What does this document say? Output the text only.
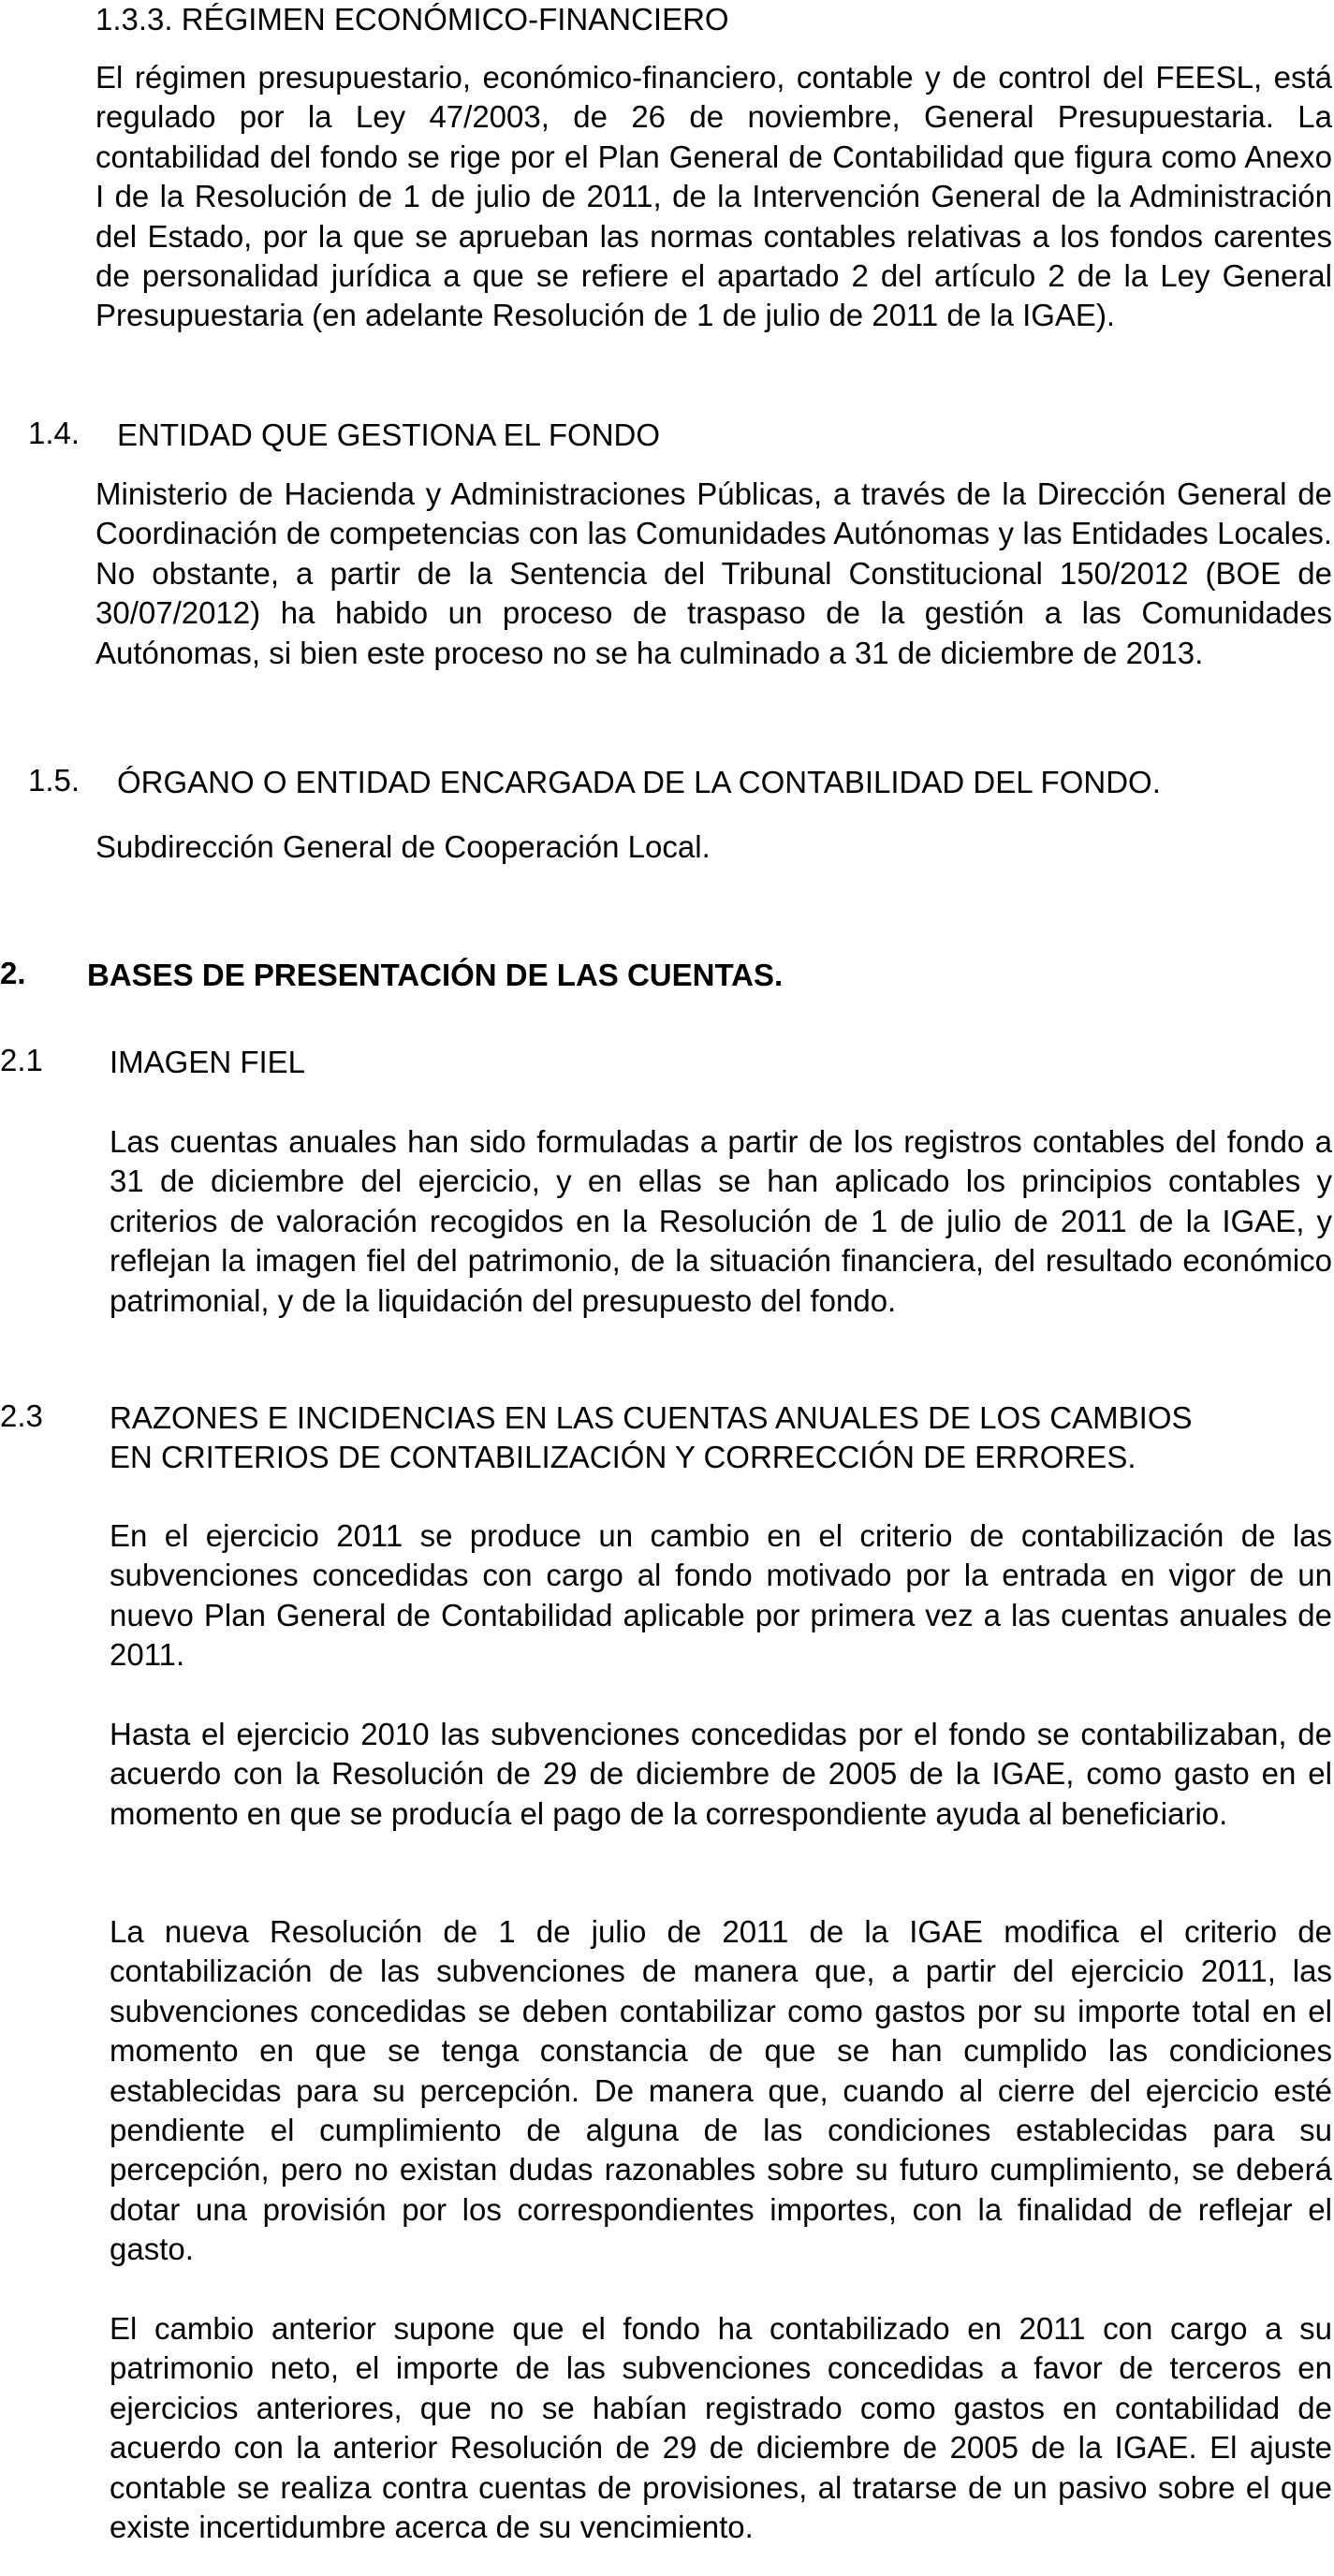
1.3.3. RÉGIMEN ECONÓMICO-FINANCIERO

El régimen presupuestario, económico-financiero, contable y de control del FEESL, está regulado por la Ley 47/2003, de 26 de noviembre, General Presupuestaria. La contabilidad del fondo se rige por el Plan General de Contabilidad que figura como Anexo I de la Resolución de 1 de julio de 2011, de la Intervención General de la Administración del Estado, por la que se aprueban las normas contables relativas a los fondos carentes de personalidad jurídica a que se refiere el apartado 2 del artículo 2 de la Ley General Presupuestaria (en adelante Resolución de 1 de julio de 2011 de la IGAE).

1.4. ENTIDAD QUE GESTIONA EL FONDO

Ministerio de Hacienda y Administraciones Públicas, a través de la Dirección General de Coordinación de competencias con las Comunidades Autónomas y las Entidades Locales. No obstante, a partir de la Sentencia del Tribunal Constitucional 150/2012 (BOE de 30/07/2012) ha habido un proceso de traspaso de la gestión a las Comunidades Autónomas, si bien este proceso no se ha culminado a 31 de diciembre de 2013.

1.5. ÓRGANO O ENTIDAD ENCARGADA DE LA CONTABILIDAD DEL FONDO.

Subdirección General de Cooperación Local.

2. BASES DE PRESENTACIÓN DE LAS CUENTAS.
2.1 IMAGEN FIEL

Las cuentas anuales han sido formuladas a partir de los registros contables del fondo a 31 de diciembre del ejercicio, y en ellas se han aplicado los principios contables y criterios de valoración recogidos en la Resolución de 1 de julio de 2011 de la IGAE, y reflejan la imagen fiel del patrimonio, de la situación financiera, del resultado económico patrimonial, y de la liquidación del presupuesto del fondo.

2.3 RAZONES E INCIDENCIAS EN LAS CUENTAS ANUALES DE LOS CAMBIOS
EN CRITERIOS DE CONTABILIZACIÓN Y CORRECCIÓN DE ERRORES.

En el ejercicio 2011 se produce un cambio en el criterio de contabilización de las subvenciones concedidas con cargo al fondo motivado por la entrada en vigor de un nuevo Plan General de Contabilidad aplicable por primera vez a las cuentas anuales de 2011.

Hasta el ejercicio 2010 las subvenciones concedidas por el fondo se contabilizaban, de acuerdo con la Resolución de 29 de diciembre de 2005 de la IGAE, como gasto en el momento en que se producía el pago de la correspondiente ayuda al beneficiario.

La nueva Resolución de 1 de julio de 2011 de la IGAE modifica el criterio de contabilización de las subvenciones de manera que, a partir del ejercicio 2011, las subvenciones concedidas se deben contabilizar como gastos por su importe total en el momento en que se tenga constancia de que se han cumplido las condiciones establecidas para su percepción. De manera que, cuando al cierre del ejercicio esté pendiente el cumplimiento de alguna de las condiciones establecidas para su percepción, pero no existan dudas razonables sobre su futuro cumplimiento, se deberá dotar una provisión por los correspondientes importes, con la finalidad de reflejar el gasto.

El cambio anterior supone que el fondo ha contabilizado en 2011 con cargo a su patrimonio neto, el importe de las subvenciones concedidas a favor de terceros en ejercicios anteriores, que no se habían registrado como gastos en contabilidad de acuerdo con la anterior Resolución de 29 de diciembre de 2005 de la IGAE. El ajuste contable se realiza contra cuentas de provisiones, al tratarse de un pasivo sobre el que existe incertidumbre acerca de su vencimiento.
